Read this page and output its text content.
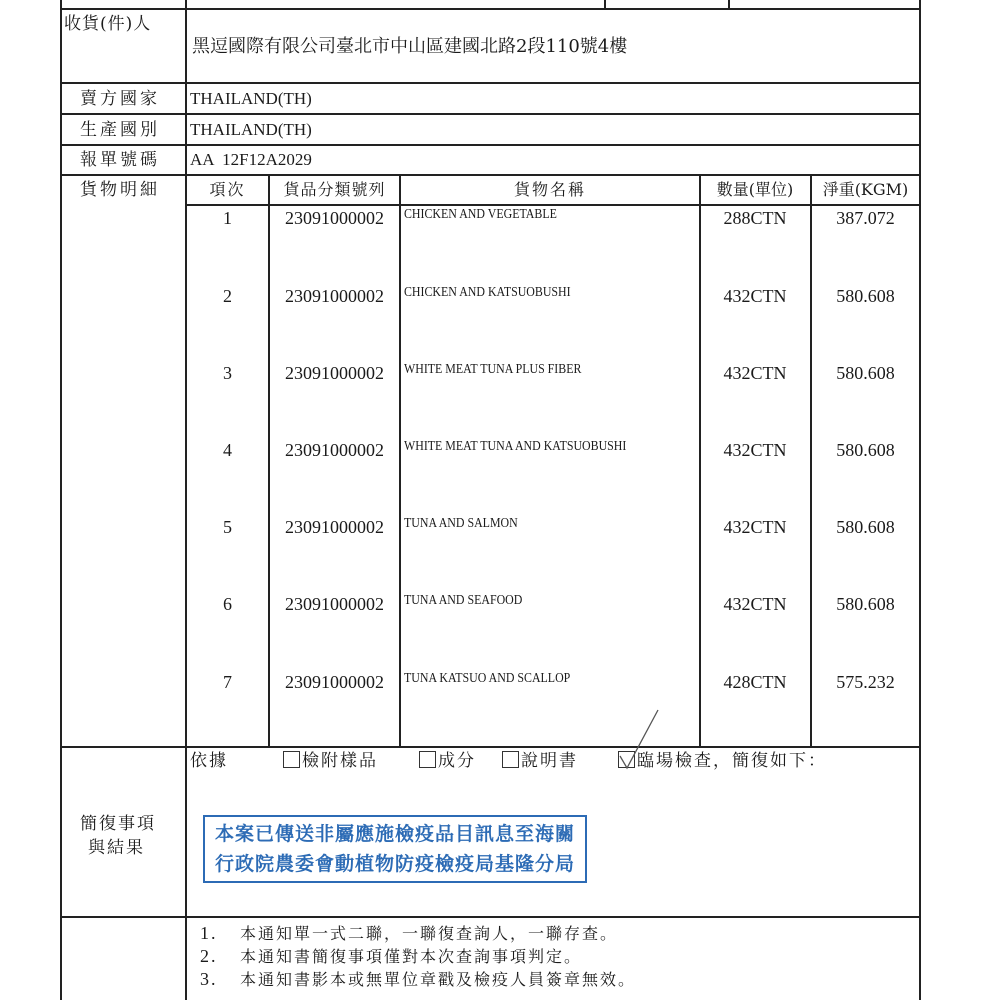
收貨(件)人
黑逗國際有限公司臺北市中山區建國北路2段110號4樓
賣方國家 THAILAND(TH)
生產國別 THAILAND(TH)
報單號碼 AA  12F12A2029
貨物明細	項次	貨品分類號列	貨物名稱	數量(單位)	淨重(KGM)
1	23091000002	CHICKEN AND VEGETABLE	288CTN	387.072
2	23091000002	CHICKEN AND KATSUOBUSHI	432CTN	580.608
3	23091000002	WHITE MEAT TUNA PLUS FIBER	432CTN	580.608
4	23091000002	WHITE MEAT TUNA AND KATSUOBUSHI	432CTN	580.608
5	23091000002	TUNA AND SALMON	432CTN	580.608
6	23091000002	TUNA AND SEAFOOD	432CTN	580.608
7	23091000002	TUNA KATSUO AND SCALLOP	428CTN	575.232
簡復事項
與結果
依據	檢附樣品	成分	說明書	臨場檢查，簡復如下：
本案已傳送非屬應施檢疫品目訊息至海關
行政院農委會動植物防疫檢疫局基隆分局
1. 本通知單一式二聯，一聯復查詢人，一聯存查。
2. 本通知書簡復事項僅對本次查詢事項判定。
3. 本通知書影本或無單位章戳及檢疫人員簽章無效。
